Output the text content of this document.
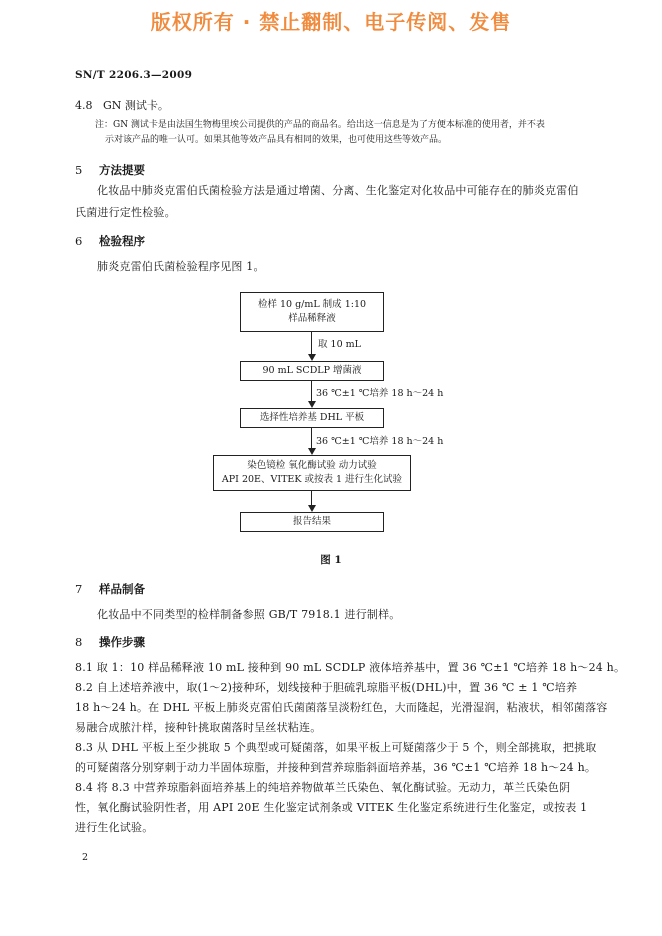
版权所有 · 禁止翻制、电子传阅、发售
SN/T 2206.3—2009
4.8 GN 测试卡。
注：GN 测试卡是由法国生物梅里埃公司提供的产品的商品名。给出这一信息是为了方便本标准的使用者，并不表
示对该产品的唯一认可。如果其他等效产品具有相同的效果，也可使用这些等效产品。
5 方法提要
化妆品中肺炎克雷伯氏菌检验方法是通过增菌、分离、生化鉴定对化妆品中可能存在的肺炎克雷伯
氏菌进行定性检验。
6 检验程序
肺炎克雷伯氏菌检验程序见图 1。
检样 10 g/mL 制成 1:10
样品稀释液
取 10 mL
90 mL SCDLP 增菌液
36 ℃±1 ℃培养 18 h～24 h
选择性培养基 DHL 平板
36 ℃±1 ℃培养 18 h～24 h
染色镜检 氧化酶试验 动力试验
API 20E、VITEK 或按表 1 进行生化试验
报告结果
图 1
7 样品制备
化妆品中不同类型的检样制备参照 GB/T 7918.1 进行制样。
8 操作步骤
8.1 取 1：10 样品稀释液 10 mL 接种到 90 mL SCDLP 液体培养基中，置 36 ℃±1 ℃培养 18 h～24 h。
8.2 自上述培养液中，取(1～2)接种环，划线接种于胆硫乳琼脂平板(DHL)中，置 36 ℃ ± 1 ℃培养
18 h～24 h。在 DHL 平板上肺炎克雷伯氏菌菌落呈淡粉红色，大而隆起，光滑湿润，粘液状，相邻菌落容
易融合成脓汁样，接种针挑取菌落时呈丝状粘连。
8.3 从 DHL 平板上至少挑取 5 个典型或可疑菌落，如果平板上可疑菌落少于 5 个，则全部挑取，把挑取
的可疑菌落分别穿刺于动力半固体琼脂，并接种到营养琼脂斜面培养基，36 ℃±1 ℃培养 18 h～24 h。
8.4 将 8.3 中营养琼脂斜面培养基上的纯培养物做革兰氏染色、氧化酶试验。无动力，革兰氏染色阴
性，氧化酶试验阴性者，用 API 20E 生化鉴定试剂条或 VITEK 生化鉴定系统进行生化鉴定，或按表 1
进行生化试验。
2
